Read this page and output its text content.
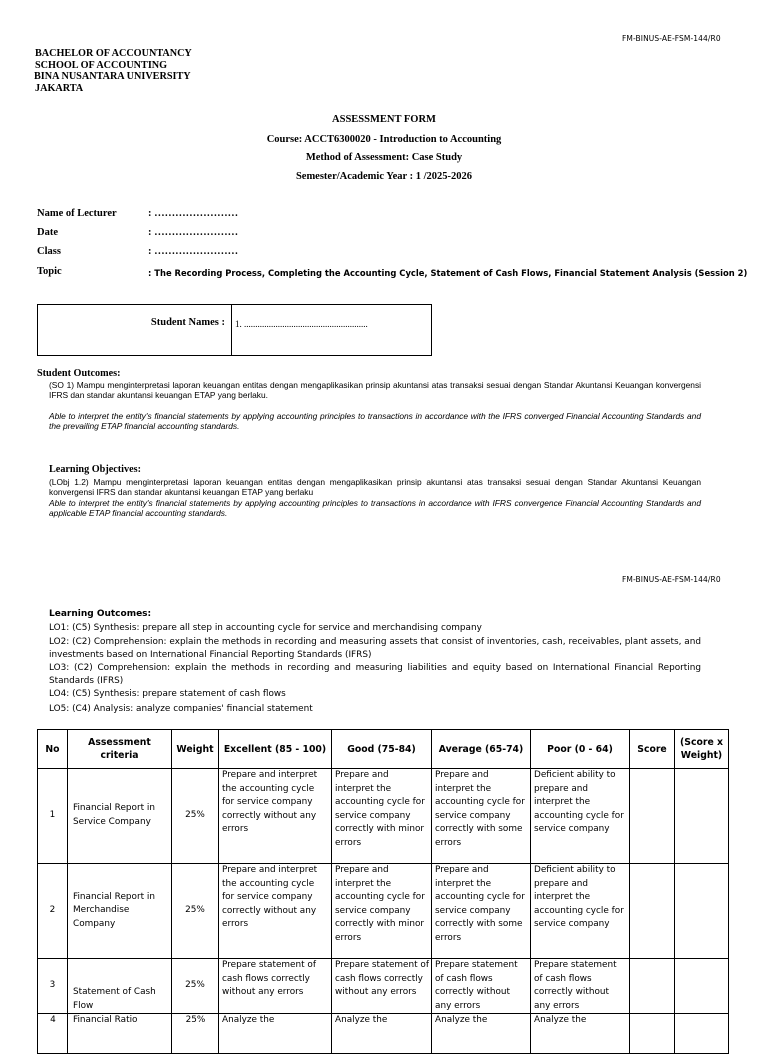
FM-BINUS-AE-FSM-144/R0
BACHELOR OF ACCOUNTANCY
SCHOOL OF ACCOUNTING
BINA NUSANTARA UNIVERSITY
JAKARTA
ASSESSMENT FORM
Course: ACCT6300020 - Introduction to Accounting
Method of Assessment: Case Study
Semester/Academic Year : 1 /2025-2026
Name of Lecturer	: ……………………
Date	: ……………………
Class	: ……………………
Topic	: The Recording Process, Completing the Accounting Cycle, Statement of Cash Flows, Financial Statement Analysis (Session 2)
Student Names : 1. .......................................................
Student Outcomes:
(SO 1) Mampu menginterpretasi laporan keuangan entitas dengan mengaplikasikan prinsip akuntansi atas transaksi sesuai dengan Standar Akuntansi Keuangan konvergensi IFRS dan standar akuntansi keuangan ETAP yang berlaku.
Able to interpret the entity's financial statements by applying accounting principles to transactions in accordance with the IFRS converged Financial Accounting Standards and the prevailing ETAP financial accounting standards.
Learning Objectives:
(LObj 1.2) Mampu menginterpretasi laporan keuangan entitas dengan mengaplikasikan prinsip akuntansi atas transaksi sesuai dengan Standar Akuntansi Keuangan konvergensi IFRS dan standar akuntansi keuangan ETAP yang berlaku
Able to interpret the entity's financial statements by applying accounting principles to transactions in accordance with IFRS convergence Financial Accounting Standards and applicable ETAP financial accounting standards.
FM-BINUS-AE-FSM-144/R0
Learning Outcomes:
LO1: (C5) Synthesis: prepare all step in accounting cycle for service and merchandising company
LO2: (C2) Comprehension: explain the methods in recording and measuring assets that consist of inventories, cash, receivables, plant assets, and investments based on International Financial Reporting Standards (IFRS)
LO3: (C2) Comprehension: explain the methods in recording and measuring liabilities and equity based on International Financial Reporting Standards (IFRS)
LO4: (C5) Synthesis: prepare statement of cash flows
LO5: (C4) Analysis: analyze companies' financial statement
No	Assessment criteria	Weight	Excellent (85 - 100)	Good (75-84)	Average (65-74)	Poor (0 - 64)	Score	(Score x Weight)
1	Financial Report in Service Company	25%	Prepare and interpret the accounting cycle for service company correctly without any errors	Prepare and interpret the accounting cycle for service company correctly with minor errors	Prepare and interpret the accounting cycle for service company correctly with some errors	Deficient ability to prepare and interpret the accounting cycle for service company		
2	Financial Report in Merchandise Company	25%	Prepare and interpret the accounting cycle for service company correctly without any errors	Prepare and interpret the accounting cycle for service company correctly with minor errors	Prepare and interpret the accounting cycle for service company correctly with some errors	Deficient ability to prepare and interpret the accounting cycle for service company		
3	Statement of Cash Flow	25%	Prepare statement of cash flows correctly without any errors	Prepare statement of cash flows correctly without any errors	Prepare statement of cash flows correctly without any errors	Prepare statement of cash flows correctly without any errors		
4	Financial Ratio	25%	Analyze the	Analyze the	Analyze the	Analyze the		
